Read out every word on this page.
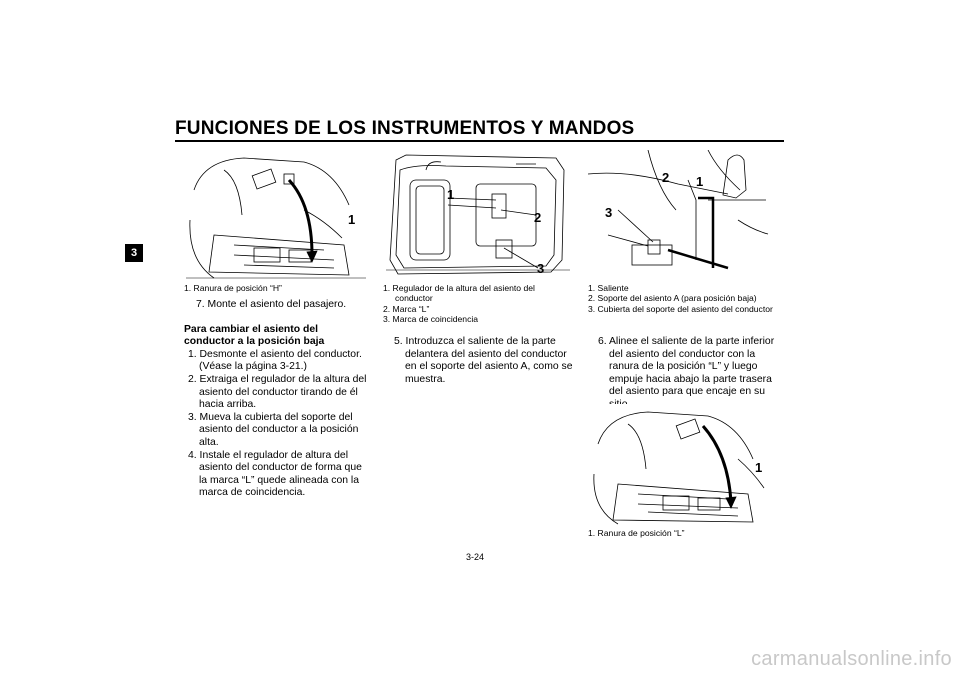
FUNCIONES DE LOS INSTRUMENTOS Y MANDOS
3
1
1. Ranura de posición “H”

7. Monte el asiento del pasajero.

Para cambiar el asiento del conductor a la posición baja

1. Desmonte el asiento del conductor. (Véase la página 3-21.)

2. Extraiga el regulador de la altura del asiento del conductor tirando de él hacia arriba.

3. Mueva la cubierta del soporte del asiento del conductor a la posición alta.

4. Instale el regulador de altura del asiento del conductor de forma que la marca “L” quede alineada con la marca de coincidencia.

1
2
3
1. Regulador de la altura del asiento del conductor
2. Marca “L”
3. Marca de coincidencia

5. Introduzca el saliente de la parte delantera del asiento del conductor en el soporte del asiento A, como se muestra.

2 1
3
1. Saliente
2. Soporte del asiento A (para posición baja)
3. Cubierta del soporte del asiento del conductor

6. Alinee el saliente de la parte inferior del asiento del conductor con la ranura de la posición “L” y luego empuje hacia abajo la parte trasera del asiento para que encaje en su

1
1. Ranura de posición “L”
3-24
carmanualsonline.info
